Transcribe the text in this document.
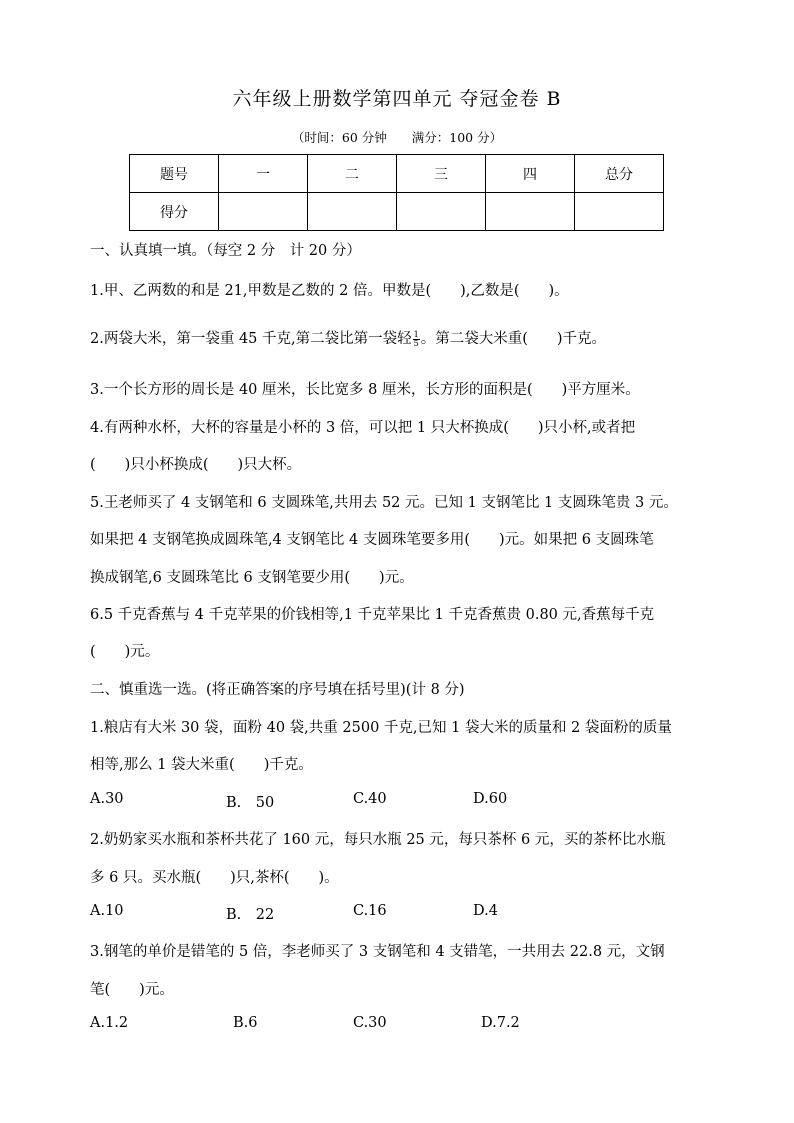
六年级上册数学第四单元 夺冠金卷 B
（时间：60 分钟　　满分：100 分）
题号	一	二	三	四	总分
得分					
一、认真填一填。（每空 2 分　计 20 分）
1.甲、乙两数的和是 21,甲数是乙数的 2 倍。甲数是(　　),乙数是(　　)。
2.两袋大米，第一袋重 45 千克,第二袋比第一袋轻 $\frac{1}{5}$ 。第二袋大米重(　　)千克。
3.一个长方形的周长是 40 厘米，长比宽多 8 厘米，长方形的面积是(　　)平方厘米。
4.有两种水杯，大杯的容量是小杯的 3 倍，可以把 1 只大杯换成(　　)只小杯,或者把
(　　)只小杯换成(　　)只大杯。
5.王老师买了 4 支钢笔和 6 支圆珠笔,共用去 52 元。已知 1 支钢笔比 1 支圆珠笔贵 3 元。
如果把 4 支钢笔换成圆珠笔,4 支钢笔比 4 支圆珠笔要多用(　　)元。如果把 6 支圆珠笔
换成钢笔,6 支圆珠笔比 6 支钢笔要少用(　　)元。
6.5 千克香蕉与 4 千克苹果的价钱相等,1 千克苹果比 1 千克香蕉贵 0.80 元,香蕉每千克
(　　)元。
二、慎重选一选。(将正确答案的序号填在括号里)(计 8 分)
1.粮店有大米 30 袋，面粉 40 袋,共重 2500 千克,已知 1 袋大米的质量和 2 袋面粉的质量
相等,那么 1 袋大米重(　　)千克。
A.30	B.　50	C.40	D.60
2.奶奶家买水瓶和茶杯共花了 160 元，每只水瓶 25 元，每只茶杯 6 元，买的茶杯比水瓶
多 6 只。买水瓶(　　)只,茶杯(　　)。
A.10	B.　22	C.16	D.4
3.钢笔的单价是错笔的 5 倍，李老师买了 3 支钢笔和 4 支错笔，一共用去 22.8 元，文钢
笔(　　)元。
A.1.2	B.6	C.30	D.7.2
